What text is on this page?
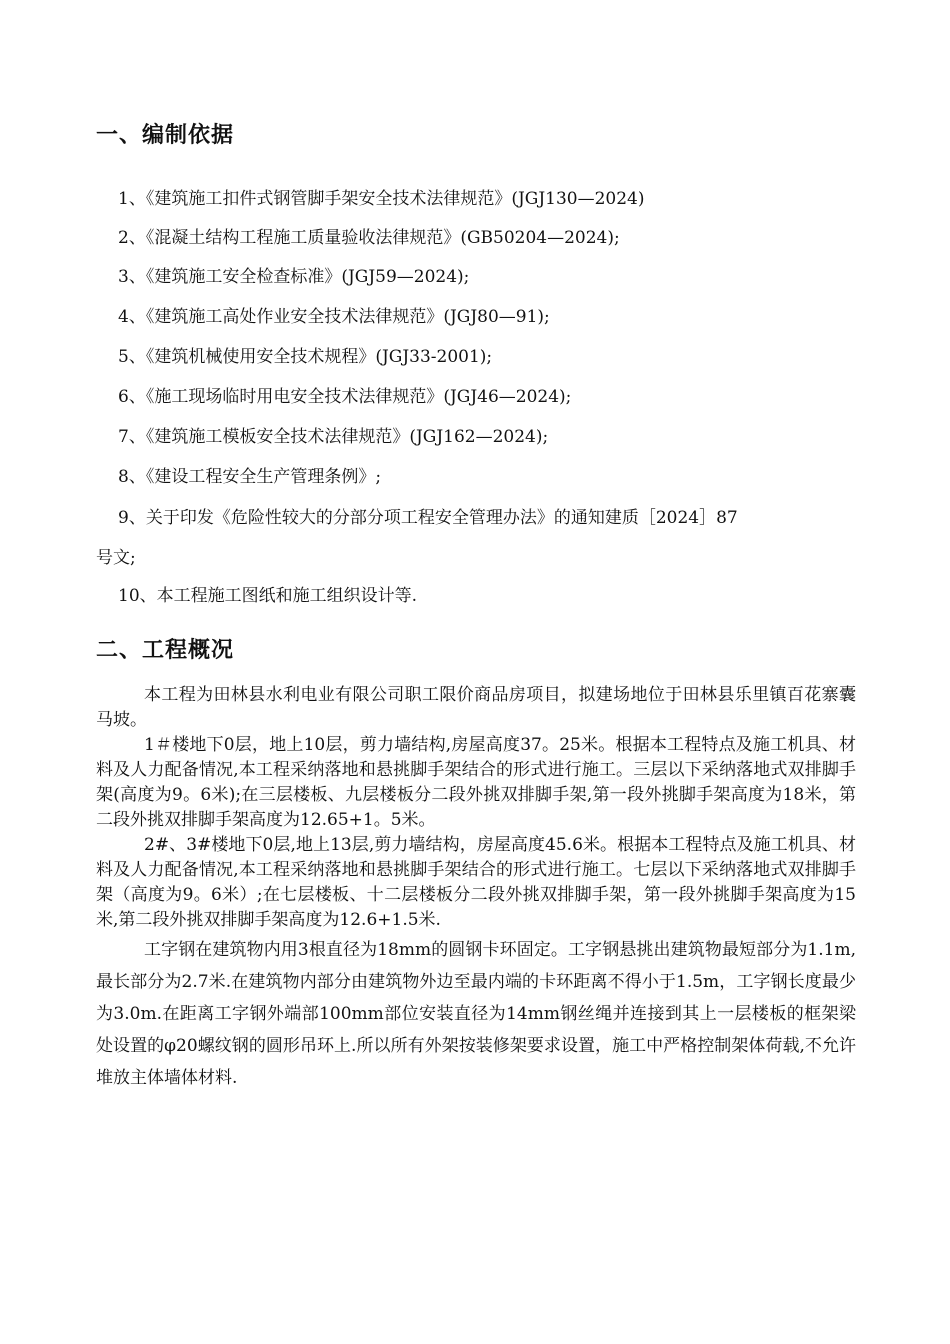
一、编制依据

1、《建筑施工扣件式钢管脚手架安全技术法律规范》(JGJ130—2024)

2、《混凝土结构工程施工质量验收法律规范》(GB50204—2024);

3、《建筑施工安全检查标准》(JGJ59—2024);

4、《建筑施工高处作业安全技术法律规范》(JGJ80—91);

5、《建筑机械使用安全技术规程》(JGJ33-2001);

6、《施工现场临时用电安全技术法律规范》(JGJ46—2024);

7、《建筑施工模板安全技术法律规范》(JGJ162—2024);

8、《建设工程安全生产管理条例》;

9、关于印发《危险性较大的分部分项工程安全管理办法》的通知建质［2024］87
号文;

10、本工程施工图纸和施工组织设计等.

二、工程概况

本工程为田林县水利电业有限公司职工限价商品房项目，拟建场地位于田林县乐里镇百花寨囊马坡。

1＃楼地下0层，地上10层，剪力墙结构,房屋高度37。25米。根据本工程特点及施工机具、材料及人力配备情况,本工程采纳落地和悬挑脚手架结合的形式进行施工。三层以下采纳落地式双排脚手架(高度为9。6米);在三层楼板、九层楼板分二段外挑双排脚手架,第一段外挑脚手架高度为18米，第二段外挑双排脚手架高度为12.65+1。5米。

2#、3#楼地下0层,地上13层,剪力墙结构，房屋高度45.6米。根据本工程特点及施工机具、材料及人力配备情况,本工程采纳落地和悬挑脚手架结合的形式进行施工。七层以下采纳落地式双排脚手架（高度为9。6米）;在七层楼板、十二层楼板分二段外挑双排脚手架，第一段外挑脚手架高度为15米,第二段外挑双排脚手架高度为12.6+1.5米.

工字钢在建筑物内用3根直径为18mm的圆钢卡环固定。工字钢悬挑出建筑物最短部分为1.1m,最长部分为2.7米.在建筑物内部分由建筑物外边至最内端的卡环距离不得小于1.5m，工字钢长度最少为3.0m.在距离工字钢外端部100mm部位安装直径为14mm钢丝绳并连接到其上一层楼板的框架梁处设置的φ20螺纹钢的圆形吊环上.所以所有外架按装修架要求设置，施工中严格控制架体荷载,不允许堆放主体墙体材料.
